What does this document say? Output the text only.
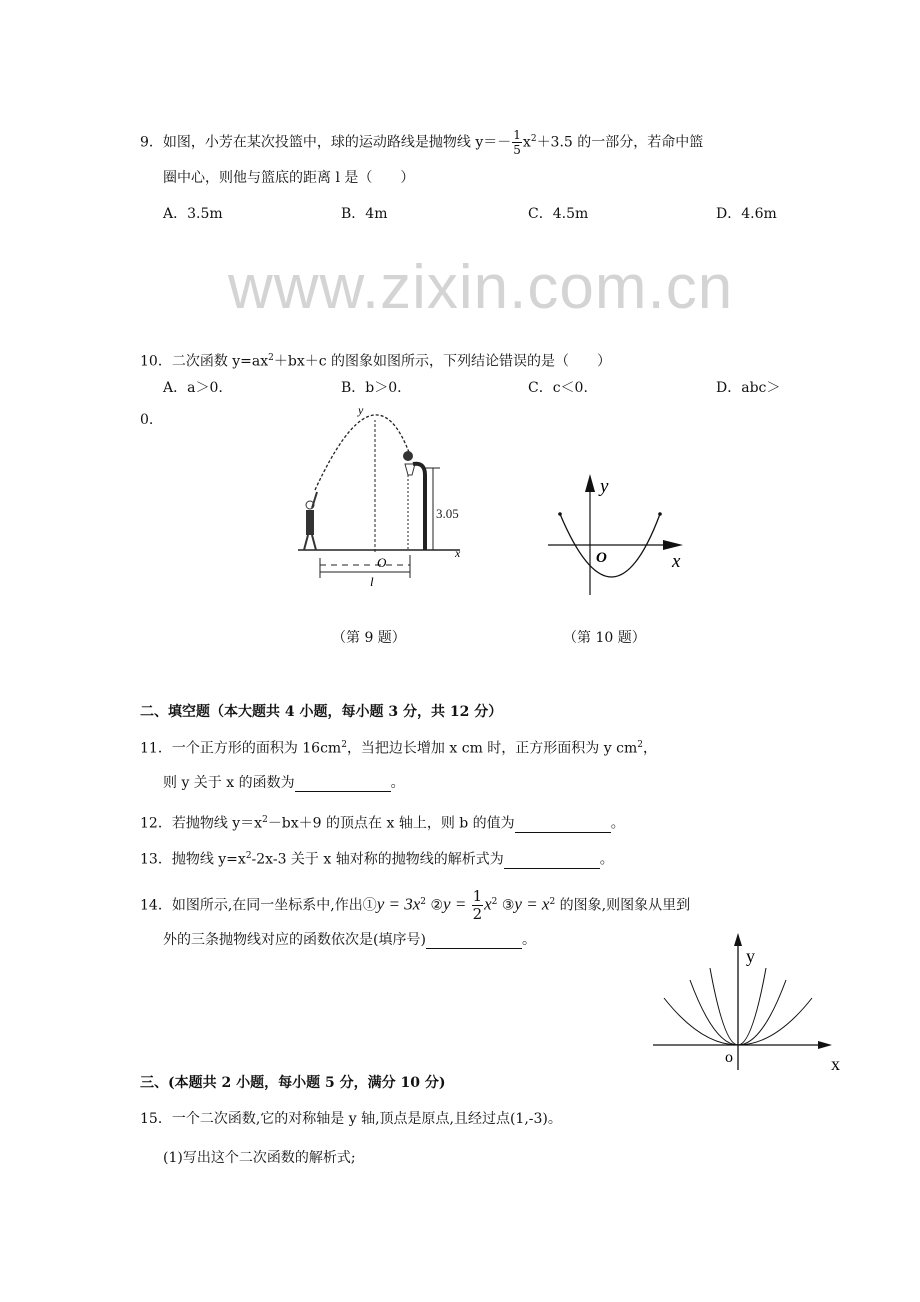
www.zixin.com.cn
9．如图，小芳在某次投篮中，球的运动路线是抛物线 $y=- \frac{1}{5} x^2+3.5$ 的一部分，若命中篮
圈中心，则他与篮底的距离 l 是（　　）
A．3.5m	B．4m	C．4.5m	D．4.6m
10．二次函数 $y=ax^2+bx+c$ 的图象如图所示，下列结论错误的是（　　）
A．a＞0.	B．b＞0.	C．c＜0.	D．abc＞
0.
y
x
O
l
3.05
（第 9 题）
y
x
O
（第 10 题）
二、填空题（本大题共 4 小题，每小题 3 分，共 12 分）
11．一个正方形的面积为 $16cm^2$，当把边长增加 x cm 时，正方形面积为 y $cm^2$，
则 y 关于 x 的函数为	。
12．若抛物线 $y=x^2-bx+9$ 的顶点在 x 轴上，则 b 的值为	。
13．抛物线 $y=x^2-2x-3$ 关于 x 轴对称的抛物线的解析式为	。
14．如图所示,在同一坐标系中,作出①y = $3x^2$ ②y = $\frac{1}{2} x^2$ ③y = $x^2$ 的图象,则图象从里到
外的三条抛物线对应的函数依次是(填序号)	。
y
x
o
三、(本题共 2 小题，每小题 5 分，满分 10 分)
15．一个二次函数,它的对称轴是 y 轴,顶点是原点,且经过点(1,-3)。
(1)写出这个二次函数的解析式;
